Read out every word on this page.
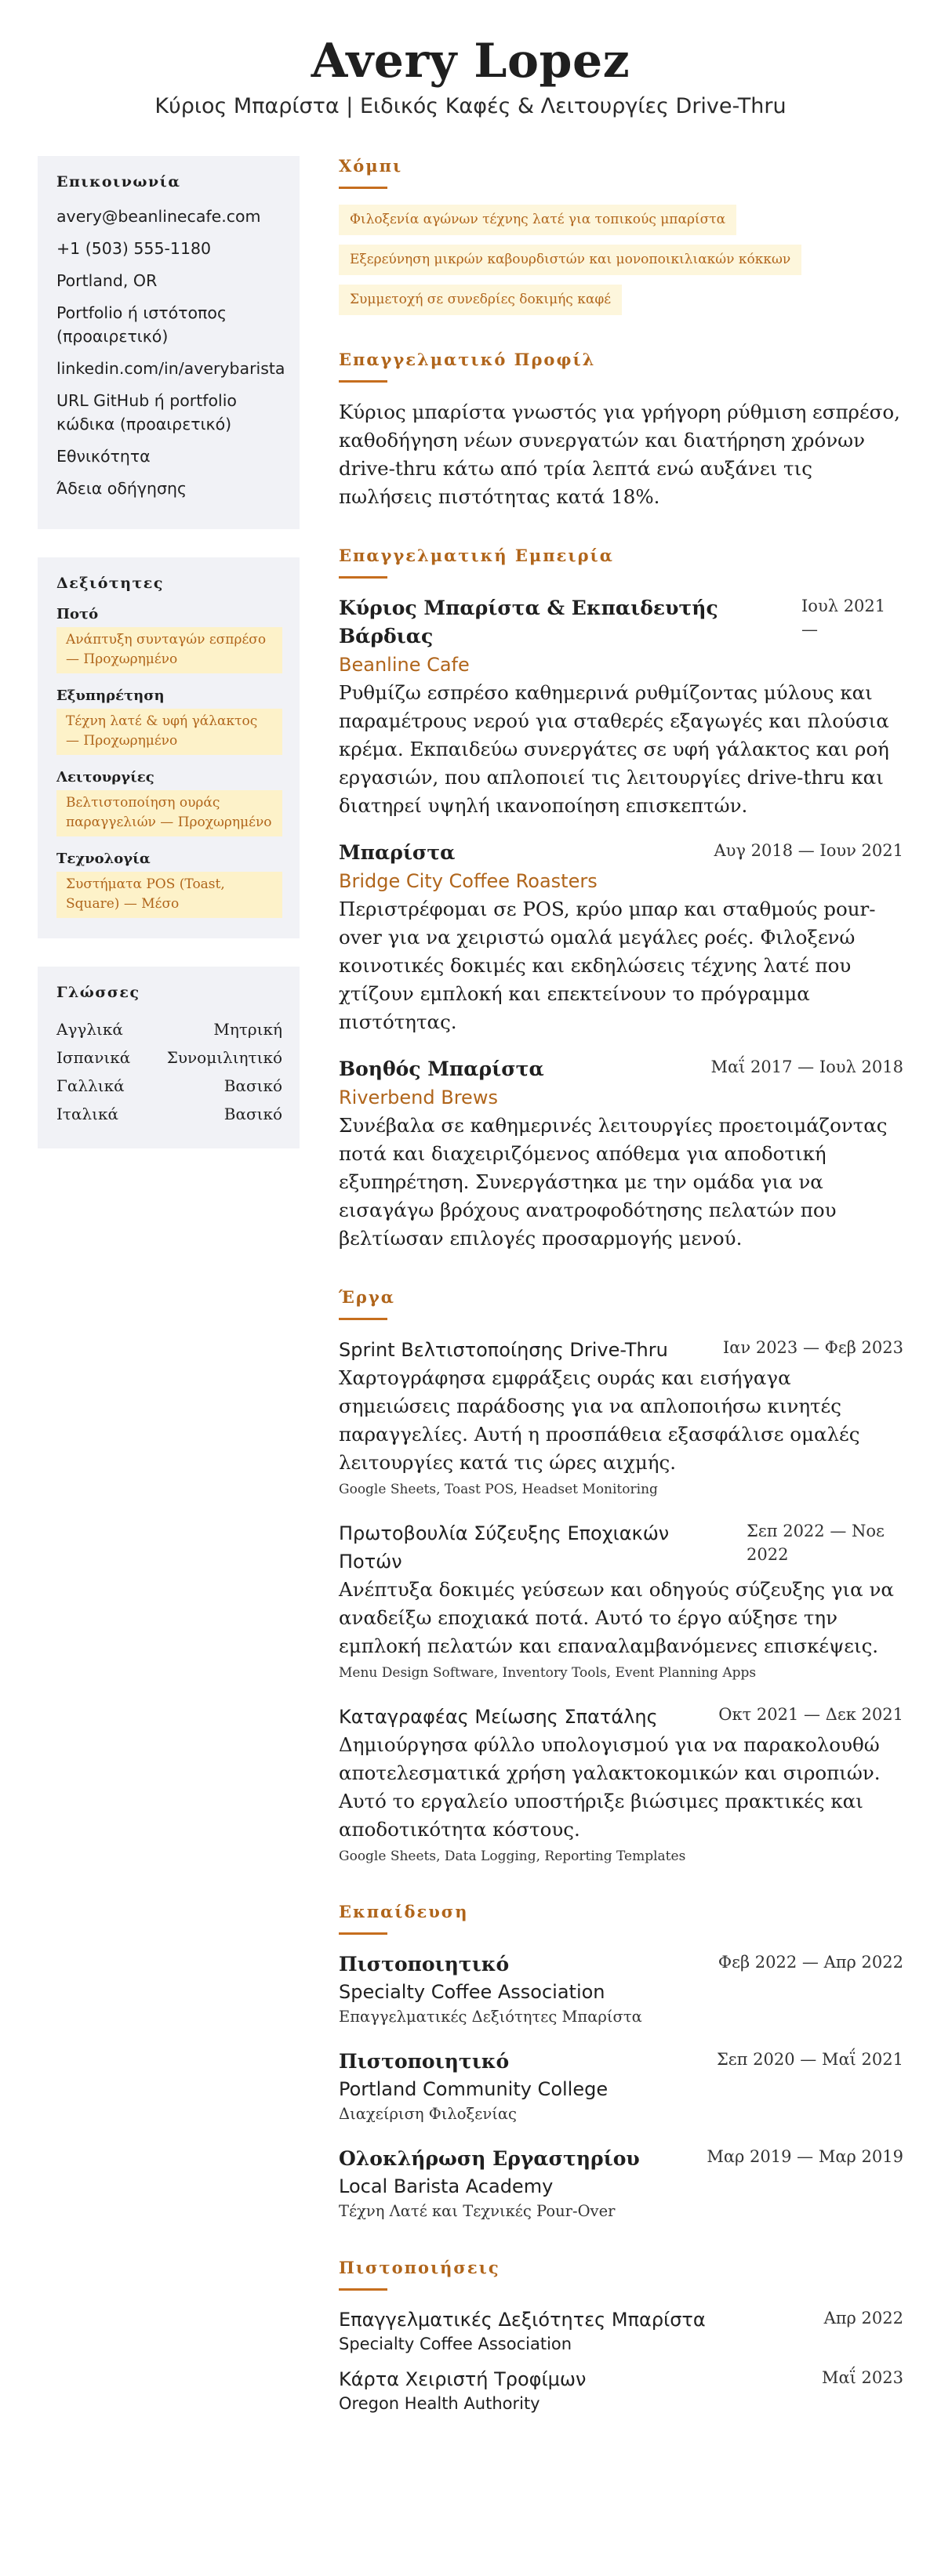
Avery Lopez
Κύριος Μπαρίστα | Ειδικός Καφές & Λειτουργίες Drive-Thru
Επικοινωνία
avery@beanlinecafe.com
+1 (503) 555-1180
Portland, OR
Portfolio ή ιστότοπος (προαιρετικό)
linkedin.com/in/averybarista
URL GitHub ή portfolio κώδικα (προαιρετικό)
Εθνικότητα
Άδεια οδήγησης
Δεξιότητες
Ποτό
Ανάπτυξη συνταγών εσπρέσο — Προχωρημένο
Εξυπηρέτηση
Τέχνη λατέ & υφή γάλακτος — Προχωρημένο
Λειτουργίες
Βελτιστοποίηση ουράς παραγγελιών — Προχωρημένο
Τεχνολογία
Συστήματα POS (Toast, Square) — Μέσο
Γλώσσες
Αγγλικά	Μητρική
Ισπανικά Συνομιλιητικό
Γαλλικά	Βασικό
Ιταλικά	Βασικό
Χόμπι
Φιλοξενία αγώνων τέχνης λατέ για τοπικούς μπαρίστα
Εξερεύνηση μικρών καβουρδιστών και μονοποικιλιακών κόκκων
Συμμετοχή σε συνεδρίες δοκιμής καφέ
Επαγγελματικό Προφίλ
Κύριος μπαρίστα γνωστός για γρήγορη ρύθμιση εσπρέσο, καθοδήγηση νέων συνεργατών και διατήρηση χρόνων drive-thru κάτω από τρία λεπτά ενώ αυξάνει τις πωλήσεις πιστότητας κατά 18%.
Επαγγελματική Εμπειρία
Κύριος Μπαρίστα & Εκπαιδευτής Βάρδιας
Ιουλ 2021 —
Beanline Cafe
Ρυθμίζω εσπρέσο καθημερινά ρυθμίζοντας μύλους και παραμέτρους νερού για σταθερές εξαγωγές και πλούσια κρέμα. Εκπαιδεύω συνεργάτες σε υφή γάλακτος και ροή εργασιών, που απλοποιεί τις λειτουργίες drive-thru και διατηρεί υψηλή ικανοποίηση επισκεπτών.
Μπαρίστα	Αυγ 2018 — Ιουν 2021
Bridge City Coffee Roasters
Περιστρέφομαι σε POS, κρύο μπαρ και σταθμούς pour-over για να χειριστώ ομαλά μεγάλες ροές. Φιλοξενώ κοινοτικές δοκιμές και εκδηλώσεις τέχνης λατέ που χτίζουν εμπλοκή και επεκτείνουν το πρόγραμμα πιστότητας.
Βοηθός Μπαρίστα	Μαΐ 2017 — Ιουλ 2018
Riverbend Brews
Συνέβαλα σε καθημερινές λειτουργίες προετοιμάζοντας ποτά και διαχειριζόμενος απόθεμα για αποδοτική εξυπηρέτηση. Συνεργάστηκα με την ομάδα για να εισαγάγω βρόχους ανατροφοδότησης πελατών που βελτίωσαν επιλογές προσαρμογής μενού.
Έργα
Sprint Βελτιστοποίησης Drive-Thru	Ιαν 2023 — Φεβ 2023
Χαρτογράφησα εμφράξεις ουράς και εισήγαγα σημειώσεις παράδοσης για να απλοποιήσω κινητές παραγγελίες. Αυτή η προσπάθεια εξασφάλισε ομαλές λειτουργίες κατά τις ώρες αιχμής.
Google Sheets, Toast POS, Headset Monitoring
Πρωτοβουλία Σύζευξης Εποχιακών Ποτών
Σεπ 2022 — Νοε 2022
Ανέπτυξα δοκιμές γεύσεων και οδηγούς σύζευξης για να αναδείξω εποχιακά ποτά. Αυτό το έργο αύξησε την εμπλοκή πελατών και επαναλαμβανόμενες επισκέψεις.
Menu Design Software, Inventory Tools, Event Planning Apps
Καταγραφέας Μείωσης Σπατάλης	Οκτ 2021 — Δεκ 2021
Δημιούργησα φύλλο υπολογισμού για να παρακολουθώ αποτελεσματικά χρήση γαλακτοκομικών και σιροπιών. Αυτό το εργαλείο υποστήριξε βιώσιμες πρακτικές και αποδοτικότητα κόστους.
Google Sheets, Data Logging, Reporting Templates
Εκπαίδευση
Πιστοποιητικό	Φεβ 2022 — Απρ 2022
Specialty Coffee Association
Επαγγελματικές Δεξιότητες Μπαρίστα
Πιστοποιητικό	Σεπ 2020 — Μαΐ 2021
Portland Community College
Διαχείριση Φιλοξενίας
Ολοκλήρωση Εργαστηρίου	Μαρ 2019 — Μαρ 2019
Local Barista Academy
Τέχνη Λατέ και Τεχνικές Pour-Over
Πιστοποιήσεις
Επαγγελματικές Δεξιότητες Μπαρίστα	Απρ 2022
Specialty Coffee Association
Κάρτα Χειριστή Τροφίμων	Μαΐ 2023
Oregon Health Authority
